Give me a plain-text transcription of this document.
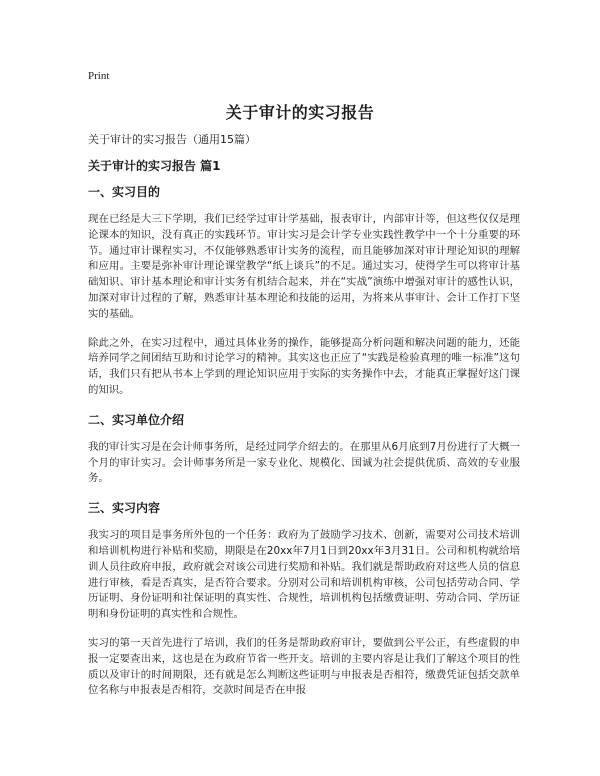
Print
关于审计的实习报告

关于审计的实习报告（通用15篇）

关于审计的实习报告 篇1

一、实习目的

现在已经是大三下学期，我们已经学过审计学基础，报表审计，内部审计等，但这些仅仅是理论课本的知识，没有真正的实践环节。审计实习是会计学专业实践性教学中一个十分重要的环节。通过审计课程实习，不仅能够熟悉审计实务的流程，而且能够加深对审计理论知识的理解和应用。主要是弥补审计理论课堂教学“纸上谈兵”的不足。通过实习，使得学生可以将审计基础知识、审计基本理论和审计实务有机结合起来，并在“实战”演练中增强对审计的感性认识，加深对审计过程的了解，熟悉审计基本理论和技能的运用，为将来从事审计、会计工作打下坚实的基础。

除此之外，在实习过程中，通过具体业务的操作，能够提高分析问题和解决问题的能力，还能培养同学之间团结互助和讨论学习的精神。其实这也正应了“实践是检验真理的唯一标准”这句话，我们只有把从书本上学到的理论知识应用于实际的实务操作中去，才能真正掌握好这门课的知识。

二、实习单位介绍

我的审计实习是在会计师事务所，是经过同学介绍去的。在那里从6月底到7月份进行了大概一个月的审计实习。会计师事务所是一家专业化、规模化、国诚为社会提供优质、高效的专业服务。

三、实习内容

我实习的项目是事务所外包的一个任务：政府为了鼓励学习技术、创新，需要对公司技术培训和培训机构进行补贴和奖励，期限是在20xx年7月1日到20xx年3月31日。公司和机构就给培训人员往政府申报，政府就会对该公司进行奖励和补贴。我们就是帮助政府对这些人员的信息进行审核，看是否真实，是否符合要求。分别对公司和培训机构审核，公司包括劳动合同、学历证明、身份证明和社保证明的真实性、合规性，培训机构包括缴费证明、劳动合同、学历证明和身份证明的真实性和合规性。

实习的第一天首先进行了培训，我们的任务是帮助政府审计，要做到公平公正，有些虚假的申报一定要查出来，这也是在为政府节省一些开支。培训的主要内容是让我们了解这个项目的性质以及审计的时间期限，还有就是怎么判断这些证明与申报表是否相符，缴费凭证包括交款单位名称与申报表是否相符，交款时间是否在申报
